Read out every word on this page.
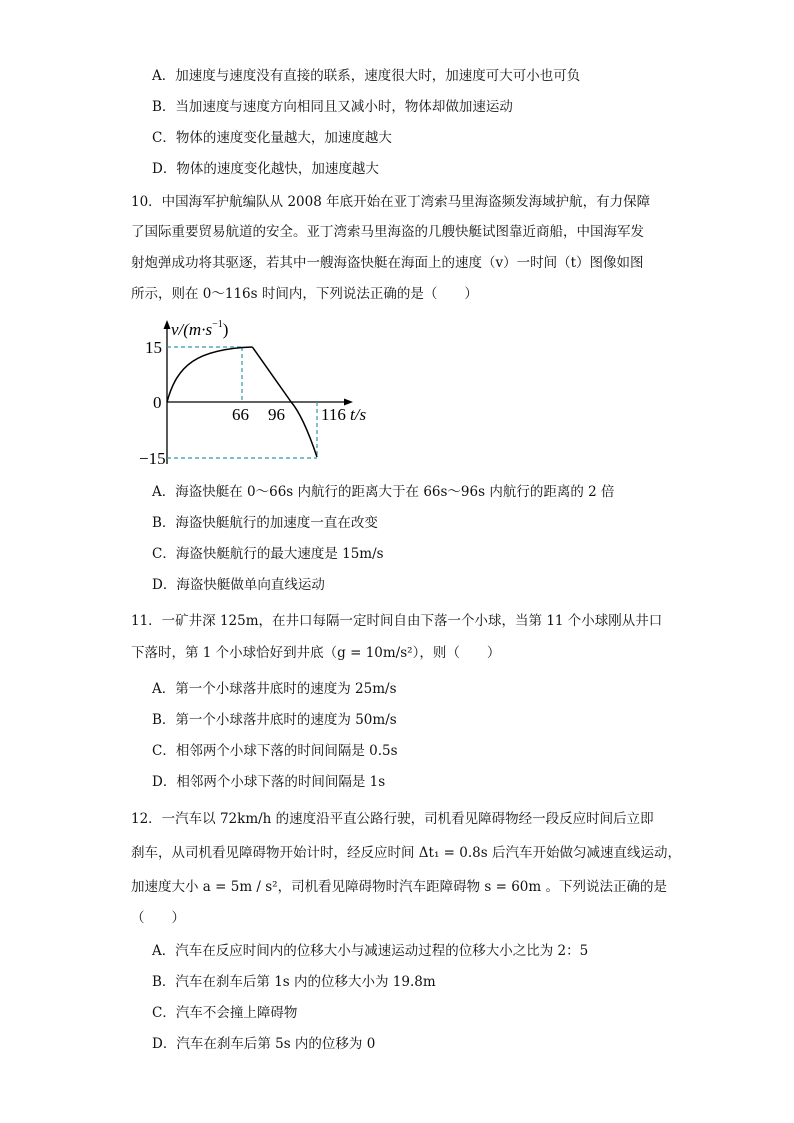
A．加速度与速度没有直接的联系，速度很大时，加速度可大可小也可负
B．当加速度与速度方向相同且又减小时，物体却做加速运动
C．物体的速度变化量越大，加速度越大
D．物体的速度变化越快，加速度越大
10．中国海军护航编队从 2008 年底开始在亚丁湾索马里海盗频发海域护航，有力保障
了国际重要贸易航道的安全。亚丁湾索马里海盗的几艘快艇试图靠近商船，中国海军发
射炮弹成功将其驱逐，若其中一艘海盗快艇在海面上的速度（v）一时间（t）图像如图
所示，则在 0～116s 时间内，下列说法正确的是（　　）
$v/(m\cdot s^{-1})$
15
0
−15
66 96 116 t/s
A．海盗快艇在 0～66s 内航行的距离大于在 66s～96s 内航行的距离的 2 倍
B．海盗快艇航行的加速度一直在改变
C．海盗快艇航行的最大速度是 15m/s
D．海盗快艇做单向直线运动
11．一矿井深 125m，在井口每隔一定时间自由下落一个小球，当第 11 个小球刚从井口
下落时，第 1 个小球恰好到井底（g = 10m/s²），则（　　）
A．第一个小球落井底时的速度为 25m/s
B．第一个小球落井底时的速度为 50m/s
C．相邻两个小球下落的时间间隔是 0.5s
D．相邻两个小球下落的时间间隔是 1s
12．一汽车以 72km/h 的速度沿平直公路行驶，司机看见障碍物经一段反应时间后立即
刹车，从司机看见障碍物开始计时，经反应时间 Δt₁ = 0.8s 后汽车开始做匀减速直线运动，
加速度大小 a = 5m / s²，司机看见障碍物时汽车距障碍物 s = 60m 。下列说法正确的是
（　　）
A．汽车在反应时间内的位移大小与减速运动过程的位移大小之比为 2：5
B．汽车在刹车后第 1s 内的位移大小为 19.8m
C．汽车不会撞上障碍物
D．汽车在刹车后第 5s 内的位移为 0
